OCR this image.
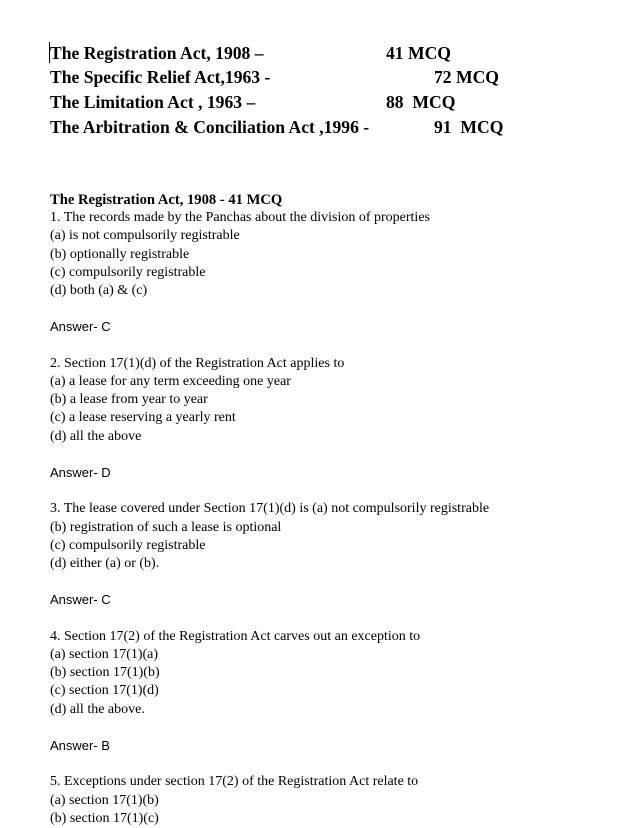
The Registration Act, 1908 –	41 MCQ
The Specific Relief Act,1963 -	72 MCQ
The Limitation Act , 1963 –	88  MCQ
The Arbitration & Conciliation Act ,1996 -	91  MCQ
The Registration Act, 1908 - 41 MCQ
1. The records made by the Panchas about the division of properties
(a) is not compulsorily registrable
(b) optionally registrable
(c) compulsorily registrable
(d) both (a) & (c)
Answer- C
2. Section 17(1)(d) of the Registration Act applies to
(a) a lease for any term exceeding one year
(b) a lease from year to year
(c) a lease reserving a yearly rent
(d) all the above
Answer- D
3. The lease covered under Section 17(1)(d) is (a) not compulsorily registrable
(b) registration of such a lease is optional
(c) compulsorily registrable
(d) either (a) or (b).
Answer- C
4. Section 17(2) of the Registration Act carves out an exception to
(a) section 17(1)(a)
(b) section 17(1)(b)
(c) section 17(1)(d)
(d) all the above.
Answer- B
5. Exceptions under section 17(2) of the Registration Act relate to
(a) section 17(1)(b)
(b) section 17(1)(c)
